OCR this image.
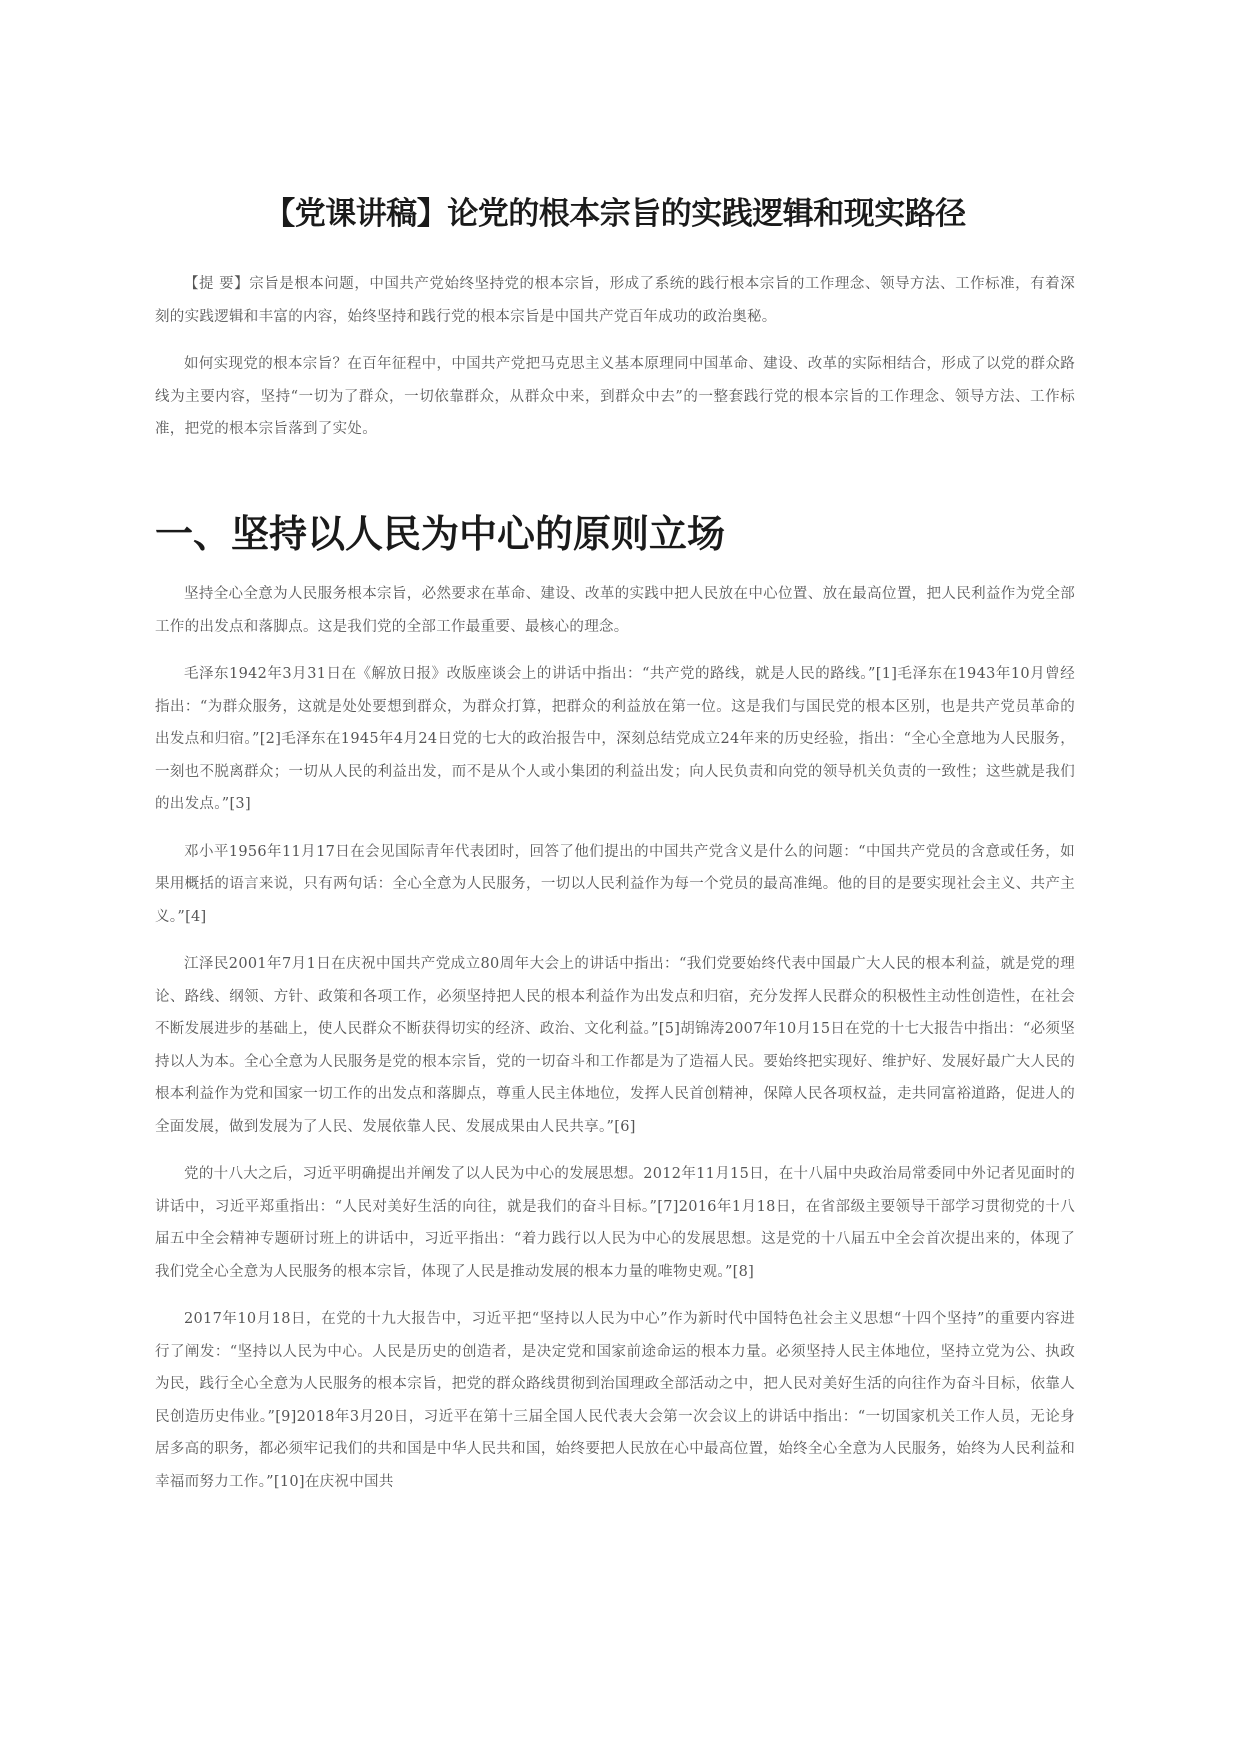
【党课讲稿】论党的根本宗旨的实践逻辑和现实路径

【提 要】宗旨是根本问题，中国共产党始终坚持党的根本宗旨，形成了系统的践行根本宗旨的工作理念、领导方法、工作标准，有着深刻的实践逻辑和丰富的内容，始终坚持和践行党的根本宗旨是中国共产党百年成功的政治奥秘。

如何实现党的根本宗旨？在百年征程中，中国共产党把马克思主义基本原理同中国革命、建设、改革的实际相结合，形成了以党的群众路线为主要内容，坚持“一切为了群众，一切依靠群众，从群众中来，到群众中去”的一整套践行党的根本宗旨的工作理念、领导方法、工作标准，把党的根本宗旨落到了实处。

一、坚持以人民为中心的原则立场

坚持全心全意为人民服务根本宗旨，必然要求在革命、建设、改革的实践中把人民放在中心位置、放在最高位置，把人民利益作为党全部工作的出发点和落脚点。这是我们党的全部工作最重要、最核心的理念。

毛泽东1942年3月31日在《解放日报》改版座谈会上的讲话中指出：“共产党的路线，就是人民的路线。”[1]毛泽东在1943年10月曾经指出：“为群众服务，这就是处处要想到群众，为群众打算，把群众的利益放在第一位。这是我们与国民党的根本区别，也是共产党员革命的出发点和归宿。”[2]毛泽东在1945年4月24日党的七大的政治报告中，深刻总结党成立24年来的历史经验，指出：“全心全意地为人民服务，一刻也不脱离群众；一切从人民的利益出发，而不是从个人或小集团的利益出发；向人民负责和向党的领导机关负责的一致性；这些就是我们的出发点。”[3]

邓小平1956年11月17日在会见国际青年代表团时，回答了他们提出的中国共产党含义是什么的问题：“中国共产党员的含意或任务，如果用概括的语言来说，只有两句话：全心全意为人民服务，一切以人民利益作为每一个党员的最高准绳。他的目的是要实现社会主义、共产主义。”[4]

江泽民2001年7月1日在庆祝中国共产党成立80周年大会上的讲话中指出：“我们党要始终代表中国最广大人民的根本利益，就是党的理论、路线、纲领、方针、政策和各项工作，必须坚持把人民的根本利益作为出发点和归宿，充分发挥人民群众的积极性主动性创造性，在社会不断发展进步的基础上，使人民群众不断获得切实的经济、政治、文化利益。”[5]胡锦涛2007年10月15日在党的十七大报告中指出：“必须坚持以人为本。全心全意为人民服务是党的根本宗旨，党的一切奋斗和工作都是为了造福人民。要始终把实现好、维护好、发展好最广大人民的根本利益作为党和国家一切工作的出发点和落脚点，尊重人民主体地位，发挥人民首创精神，保障人民各项权益，走共同富裕道路，促进人的全面发展，做到发展为了人民、发展依靠人民、发展成果由人民共享。”[6]

党的十八大之后，习近平明确提出并阐发了以人民为中心的发展思想。2012年11月15日，在十八届中央政治局常委同中外记者见面时的讲话中，习近平郑重指出：“人民对美好生活的向往，就是我们的奋斗目标。”[7]2016年1月18日，在省部级主要领导干部学习贯彻党的十八届五中全会精神专题研讨班上的讲话中，习近平指出：“着力践行以人民为中心的发展思想。这是党的十八届五中全会首次提出来的，体现了我们党全心全意为人民服务的根本宗旨，体现了人民是推动发展的根本力量的唯物史观。”[8]

2017年10月18日，在党的十九大报告中，习近平把“坚持以人民为中心”作为新时代中国特色社会主义思想“十四个坚持”的重要内容进行了阐发：“坚持以人民为中心。人民是历史的创造者，是决定党和国家前途命运的根本力量。必须坚持人民主体地位，坚持立党为公、执政为民，践行全心全意为人民服务的根本宗旨，把党的群众路线贯彻到治国理政全部活动之中，把人民对美好生活的向往作为奋斗目标，依靠人民创造历史伟业。”[9]2018年3月20日，习近平在第十三届全国人民代表大会第一次会议上的讲话中指出：“一切国家机关工作人员，无论身居多高的职务，都必须牢记我们的共和国是中华人民共和国，始终要把人民放在心中最高位置，始终全心全意为人民服务，始终为人民利益和幸福而努力工作。”[10]在庆祝中国共
